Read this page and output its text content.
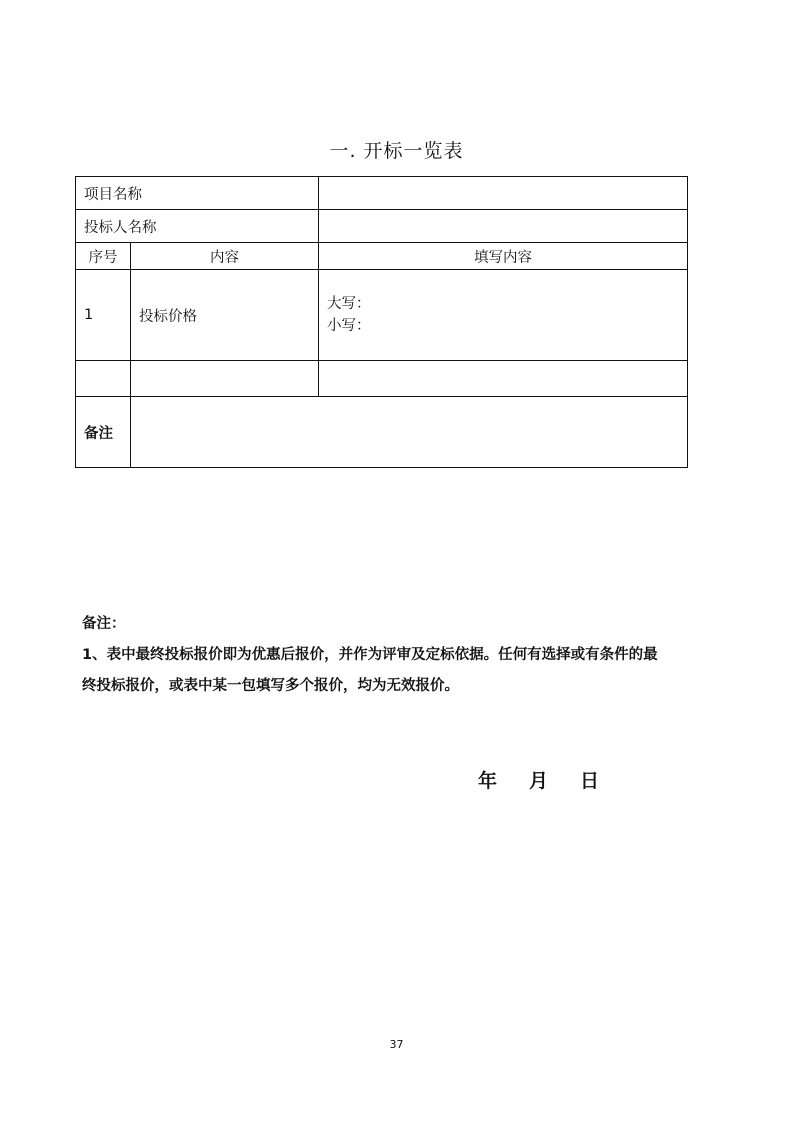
一. 开标一览表
项目名称		
投标人名称		
序号	内容	填写内容
1	投标价格	大写：
小写：

备注		
备注：
1、表中最终投标报价即为优惠后报价，并作为评审及定标依据。任何有选择或有条件的最
终投标报价，或表中某一包填写多个报价，均为无效报价。
年 月 日
37
